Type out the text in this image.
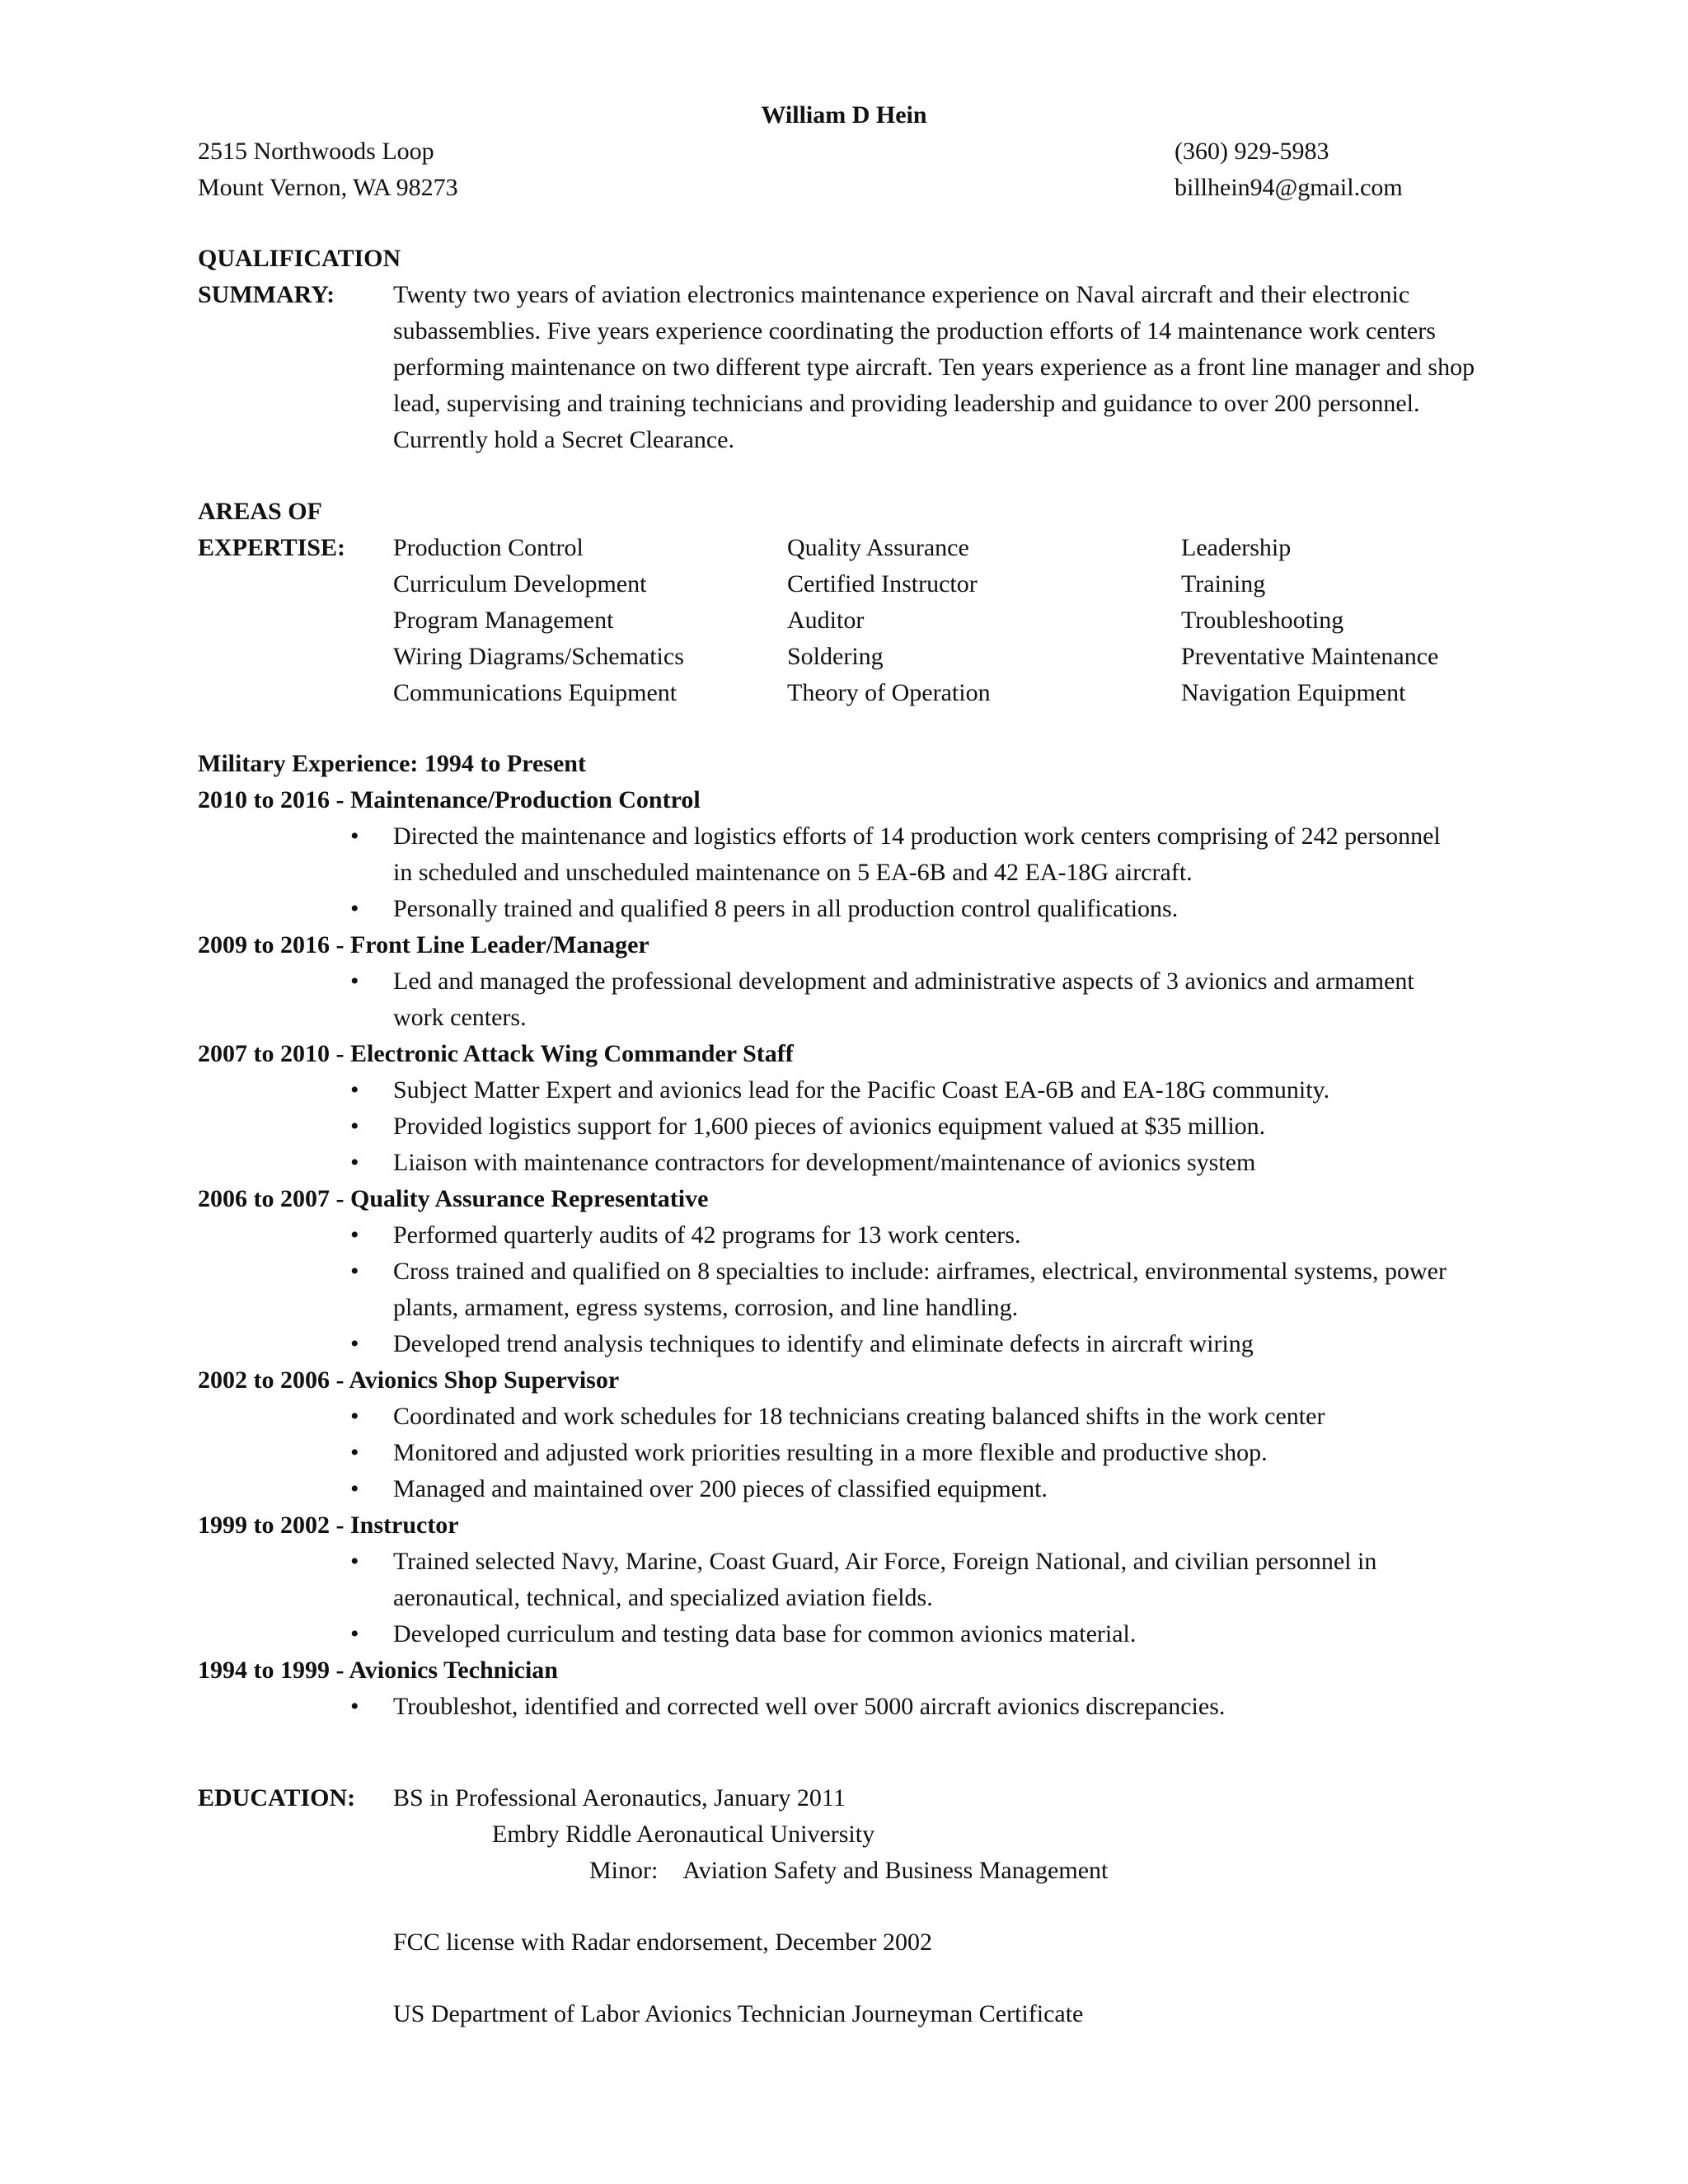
William D Hein
2515 Northwoods Loop
Mount Vernon, WA 98273
(360) 929-5983
billhein94@gmail.com
QUALIFICATION
SUMMARY: Twenty two years of aviation electronics maintenance experience on Naval aircraft and their electronic subassemblies. Five years experience coordinating the production efforts of 14 maintenance work centers performing maintenance on two different type aircraft. Ten years experience as a front line manager and shop lead, supervising and training technicians and providing leadership and guidance to over 200 personnel. Currently hold a Secret Clearance.
AREAS OF
EXPERTISE: Production Control
Curriculum Development
Program Management
Wiring Diagrams/Schematics
Communications Equipment
Quality Assurance
Certified Instructor
Auditor
Soldering
Theory of Operation
Leadership
Training
Troubleshooting
Preventative Maintenance
Navigation Equipment
Military Experience: 1994 to Present
2010 to 2016 - Maintenance/Production Control
• Directed the maintenance and logistics efforts of 14 production work centers comprising of 242 personnel in scheduled and unscheduled maintenance on 5 EA-6B and 42 EA-18G aircraft.
• Personally trained and qualified 8 peers in all production control qualifications.
2009 to 2016 - Front Line Leader/Manager
• Led and managed the professional development and administrative aspects of 3 avionics and armament work centers.
2007 to 2010 - Electronic Attack Wing Commander Staff
• Subject Matter Expert and avionics lead for the Pacific Coast EA-6B and EA-18G community.
• Provided logistics support for 1,600 pieces of avionics equipment valued at $35 million.
• Liaison with maintenance contractors for development/maintenance of avionics system
2006 to 2007 - Quality Assurance Representative
• Performed quarterly audits of 42 programs for 13 work centers.
• Cross trained and qualified on 8 specialties to include: airframes, electrical, environmental systems, power plants, armament, egress systems, corrosion, and line handling.
• Developed trend analysis techniques to identify and eliminate defects in aircraft wiring
2002 to 2006 - Avionics Shop Supervisor
• Coordinated and work schedules for 18 technicians creating balanced shifts in the work center
• Monitored and adjusted work priorities resulting in a more flexible and productive shop.
• Managed and maintained over 200 pieces of classified equipment.
1999 to 2002 - Instructor
• Trained selected Navy, Marine, Coast Guard, Air Force, Foreign National, and civilian personnel in aeronautical, technical, and specialized aviation fields.
• Developed curriculum and testing data base for common avionics material.
1994 to 1999 - Avionics Technician
• Troubleshot, identified and corrected well over 5000 aircraft avionics discrepancies.
EDUCATION: BS in Professional Aeronautics, January 2011
Embry Riddle Aeronautical University
Minor: Aviation Safety and Business Management
FCC license with Radar endorsement, December 2002
US Department of Labor Avionics Technician Journeyman Certificate
